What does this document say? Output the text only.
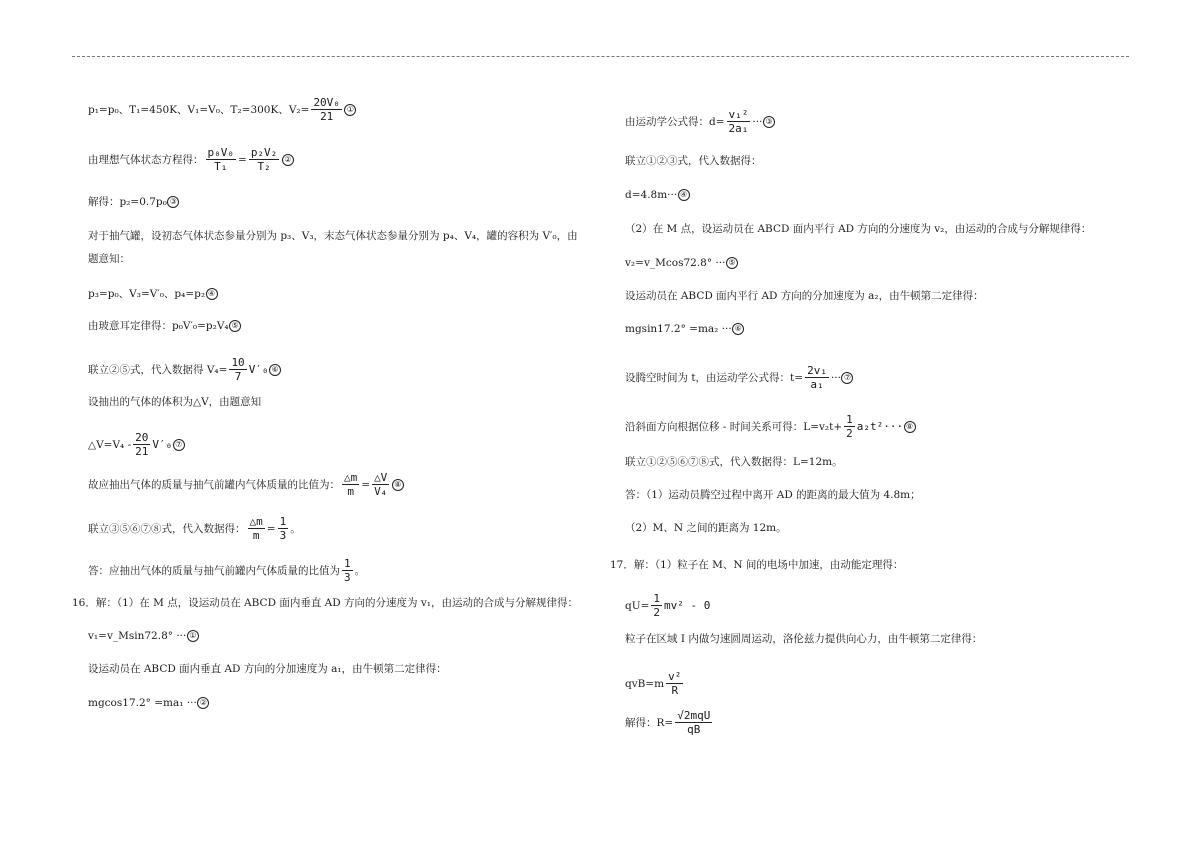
p₁=p₀、T₁=450K、V₁=V₀、T₂=300K、$V_2= \frac{\text{20V₀}}{21}$ ①
由理想气体状态方程得： $\frac{\text{p₀V₀}}{\text{T₁}} = \frac{\text{p₂V₂}}{\text{T₂}}$ ②
解得：p₂=0.7p₀ ③
对于抽气罐，设初态气体状态参量分别为 p₃、V₃，末态气体状态参量分别为 p₄、V₄，罐的容积为 V′₀，由
题意知：
p₃=p₀、V₃=V′₀、p₄=p₂ ④
由玻意耳定律得：p₀V′₀=p₂V₄ ⑤
联立②⑤式，代入数据得 $V_4= \frac{10}{7} V'_0$ ⑥
设抽出的气体的体积为△V，由题意知
△V=V₄ - $\frac{20}{21} V'_0$ ⑦
故应抽出气体的质量与抽气前罐内气体质量的比值为： $\frac{\triangle m}{m} = \frac{\triangle V}{\text{V₄}}$ ⑧
联立③⑤⑥⑦⑧式，代入数据得： $\frac{\triangle m}{m} = \frac{1}{3}$ 。
答：应抽出气体的质量与抽气前罐内气体质量的比值为 $\frac{1}{3}$ 。
16．解：（1）在 M 点，设运动员在 ABCD 面内垂直 AD 方向的分速度为 v₁，由运动的合成与分解规律得：
v₁=v_Msin72.8° ··· ①
设运动员在 ABCD 面内垂直 AD 方向的分加速度为 a₁，由牛顿第二定律得：
mgcos17.2° =ma₁ ··· ②
由运动学公式得：$d= \frac{\text{v₁²}}{\text{2a₁}}$ ··· ③
联立①②③式，代入数据得：
d=4.8m··· ④
（2）在 M 点，设运动员在 ABCD 面内平行 AD 方向的分速度为 v₂，由运动的合成与分解规律得：
v₂=v_Mcos72.8° ··· ⑤
设运动员在 ABCD 面内平行 AD 方向的分加速度为 a₂，由牛顿第二定律得：
mgsin17.2° =ma₂ ··· ⑥
设腾空时间为 t，由运动学公式得：$t= \frac{\text{2v₁}}{\text{a₁}}$ ··· ⑦
沿斜面方向根据位移 - 时间关系可得：$L=v_2t+ \frac{1}{2} a_2t^2\cdot\cdot\cdot$ ⑧
联立①②⑤⑥⑦⑧式，代入数据得：L=12m。
答：（1）运动员腾空过程中离开 AD 的距离的最大值为 4.8m；
（2）M、N 之间的距离为 12m。
17．解：（1）粒子在 M、N 间的电场中加速，由动能定理得：
$qU= \frac{1}{2} mv^2 - 0$
粒子在区域 I 内做匀速圆周运动，洛伦兹力提供向心力，由牛顿第二定律得：
$qvB=m \frac{\text{v²}}{R}$
解得：$R= \frac{\text{√2mqU}}{qB}$
